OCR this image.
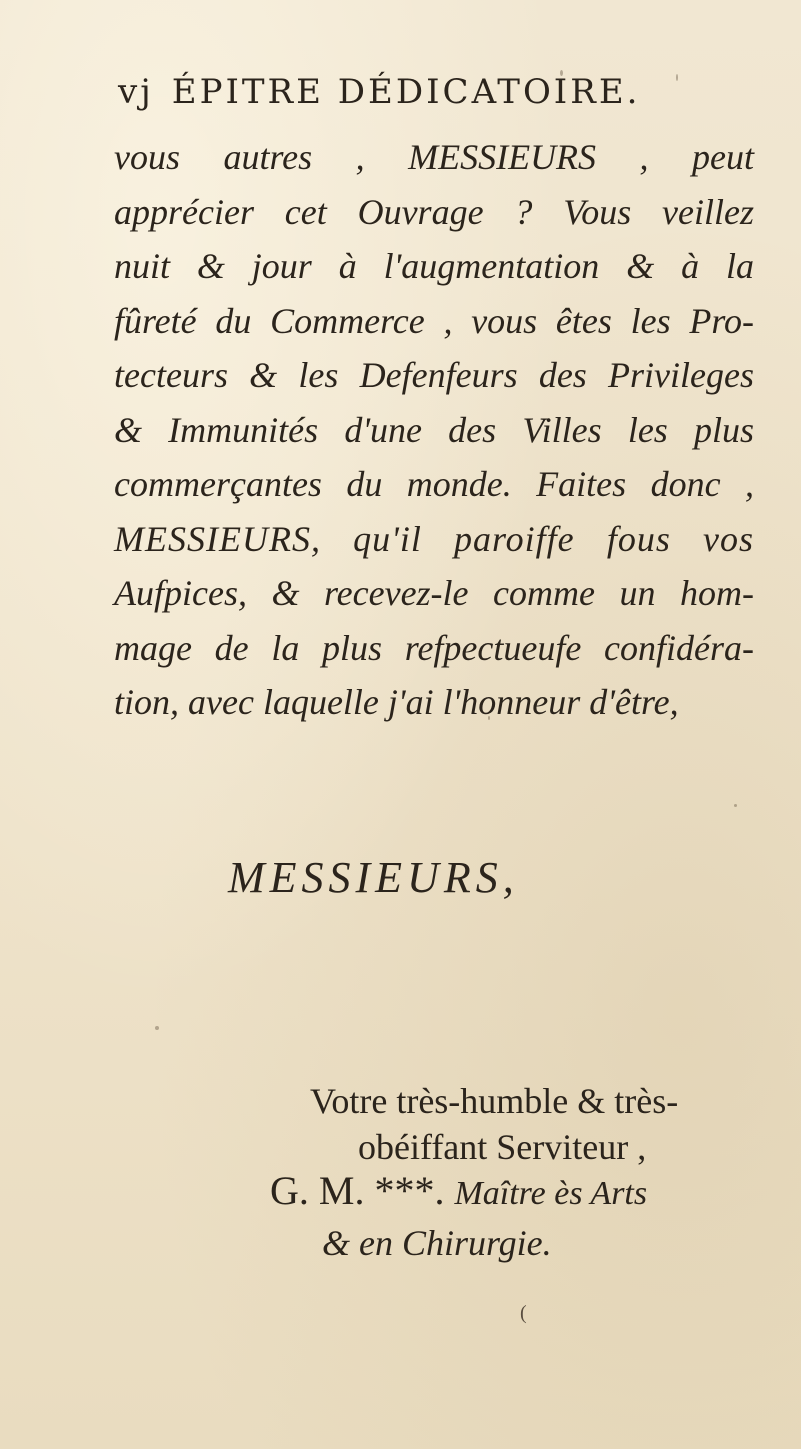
vj ÉPITRE DÉDICATOIRE.
vous autres , MESSIEURS , peut
apprécier cet Ouvrage ? Vous veillez
nuit & jour à l'augmentation & à la
fûreté du Commerce , vous êtes les Pro-
tecteurs & les Defenfeurs des Privileges
& Immunités d'une des Villes les plus
commerçantes du monde. Faites donc ,
MESSIEURS, qu'il paroiffe fous vos
Aufpices, & recevez-le comme un hom-
mage de la plus refpectueufe confidéra-
tion, avec laquelle j'ai l'honneur d'être,
MESSIEURS,
Votre très-humble & très-
obéiffant Serviteur ,
G. M. ***. Maître ès Arts
& en Chirurgie.
(
